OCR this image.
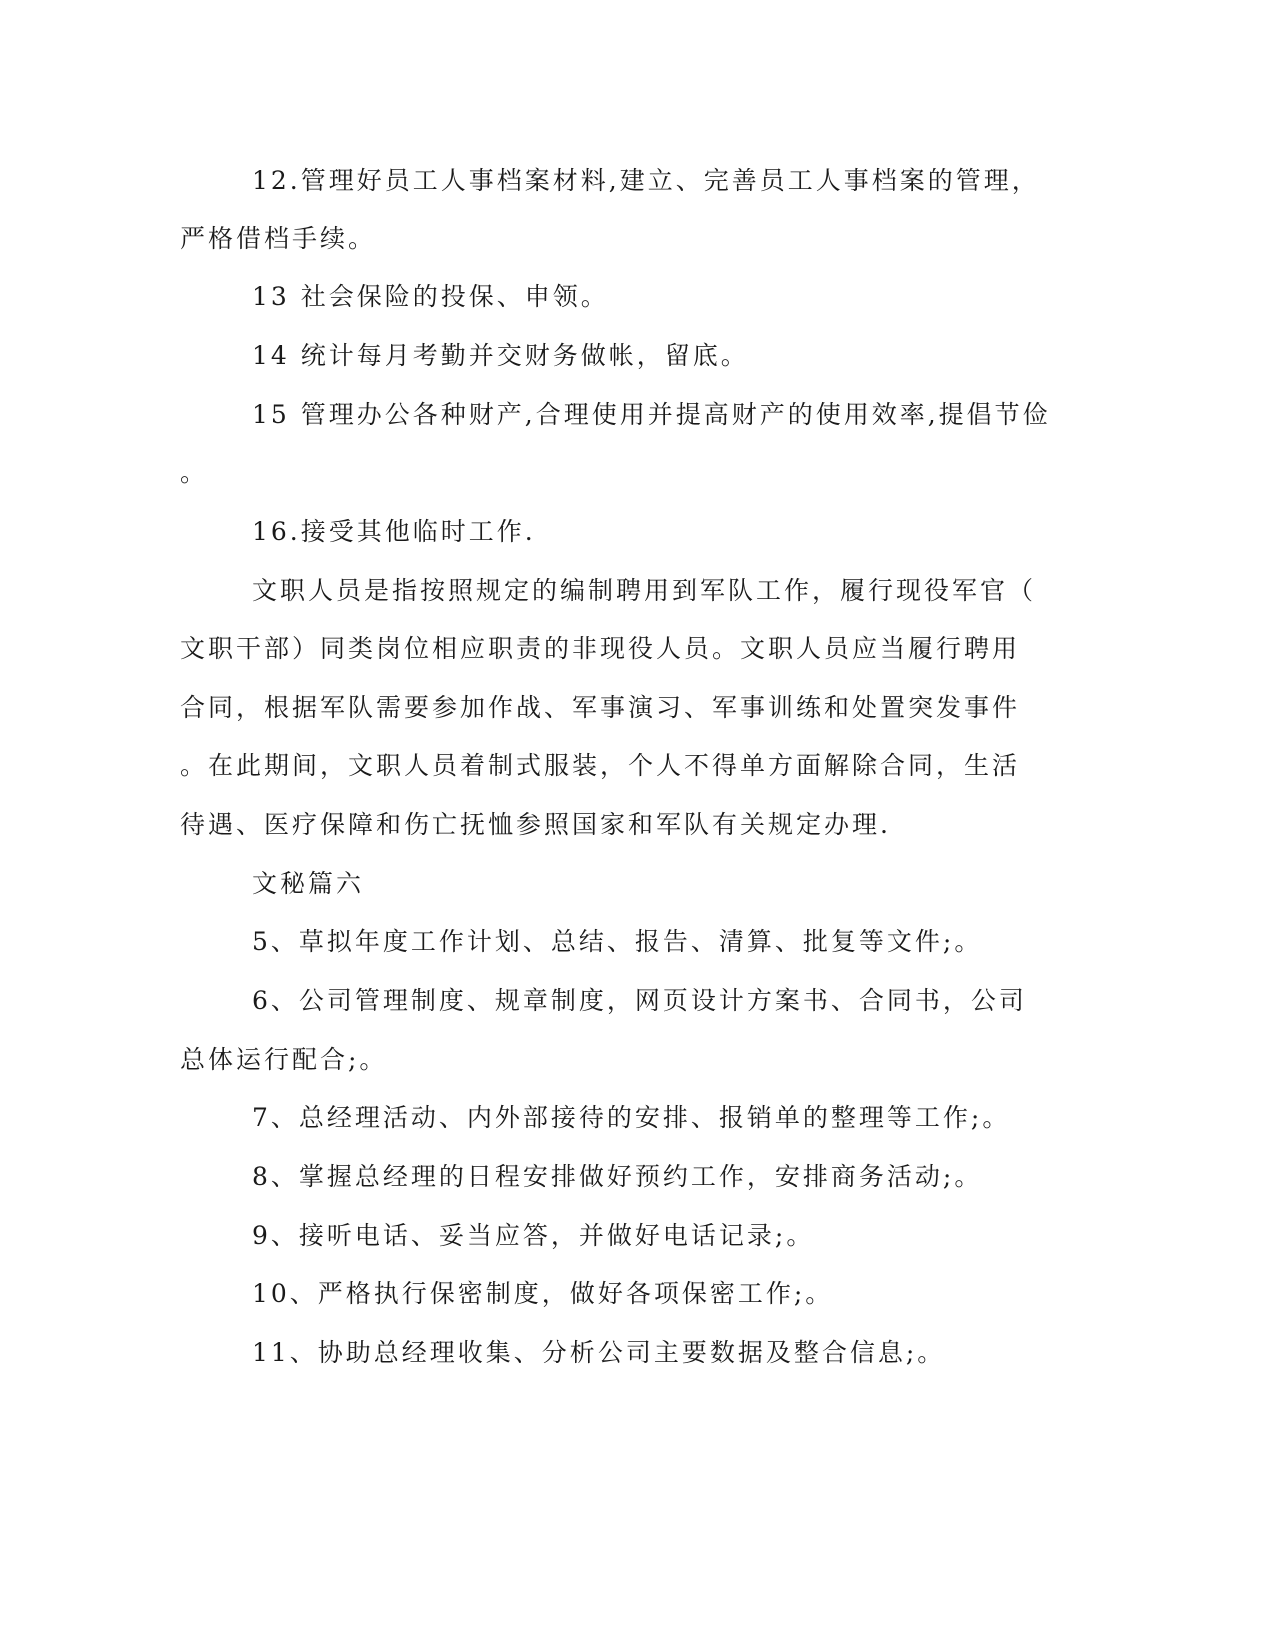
12.管理好员工人事档案材料,建立、完善员工人事档案的管理，
严格借档手续。
13 社会保险的投保、申领。
14 统计每月考勤并交财务做帐，留底。
15 管理办公各种财产,合理使用并提高财产的使用效率,提倡节俭
。
16.接受其他临时工作.
文职人员是指按照规定的编制聘用到军队工作，履行现役军官（
文职干部）同类岗位相应职责的非现役人员。文职人员应当履行聘用
合同，根据军队需要参加作战、军事演习、军事训练和处置突发事件
。在此期间，文职人员着制式服装，个人不得单方面解除合同，生活
待遇、医疗保障和伤亡抚恤参照国家和军队有关规定办理.
文秘篇六
5、草拟年度工作计划、总结、报告、清算、批复等文件;。
6、公司管理制度、规章制度，网页设计方案书、合同书，公司
总体运行配合;。
7、总经理活动、内外部接待的安排、报销单的整理等工作;。
8、掌握总经理的日程安排做好预约工作，安排商务活动;。
9、接听电话、妥当应答，并做好电话记录;。
10、严格执行保密制度，做好各项保密工作;。
11、协助总经理收集、分析公司主要数据及整合信息;。
